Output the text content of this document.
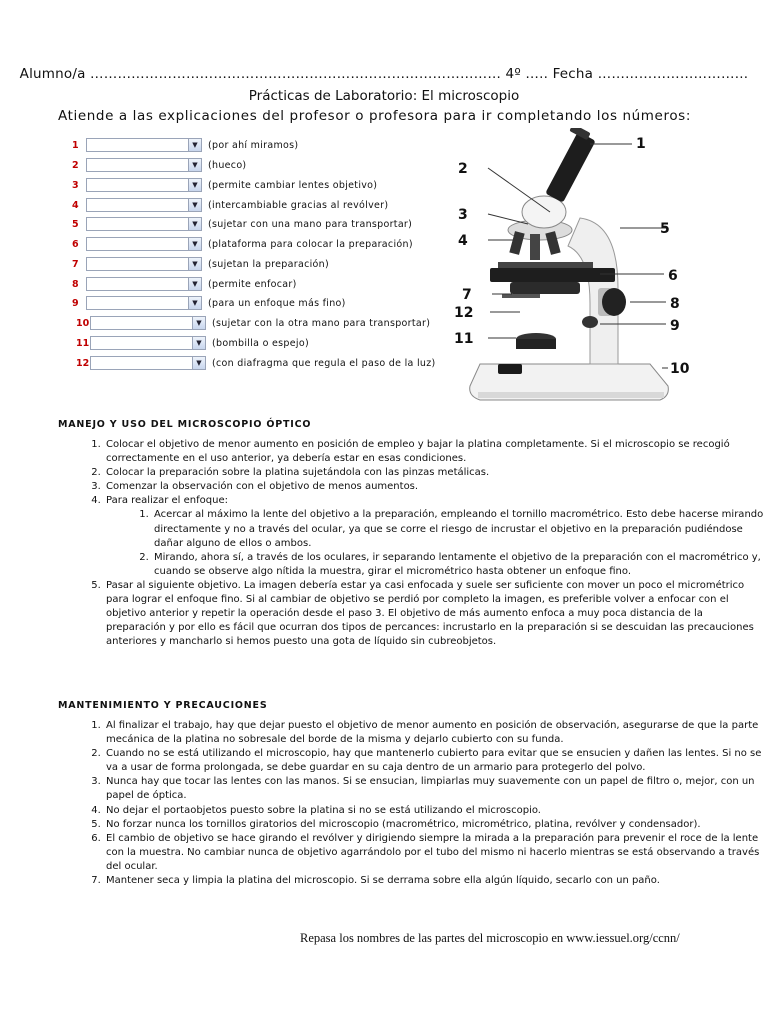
Alumno/a ……………………………………………………………………………… 4º ….. Fecha ……………………………
Prácticas de Laboratorio: El microscopio
Atiende a las explicaciones del profesor o profesora para ir completando los números:
1	▼	(por ahí miramos)
2	▼	(hueco)
3	▼	(permite cambiar lentes objetivo)
4	▼	(intercambiable gracias al revólver)
5	▼	(sujetar con una mano para transportar)
6	▼	(plataforma para colocar la preparación)
7	▼	(sujetan la preparación)
8	▼	(permite enfocar)
9	▼	(para un enfoque más fino)
10	▼	(sujetar con la otra mano para transportar)
11	▼	(bombilla o espejo)
12	▼	(con diafragma que regula el paso de la luz)
1
2
3
4
5
6
7
8
9
10
11
12
MANEJO Y USO DEL MICROSCOPIO ÓPTICO
1. Colocar el objetivo de menor aumento en posición de empleo y bajar la platina completamente. Si el microscopio se recogió correctamente en el uso anterior, ya debería estar en esas condiciones.
2. Colocar la preparación sobre la platina sujetándola con las pinzas metálicas.
3. Comenzar la observación con el objetivo de menos aumentos.
4. Para realizar el enfoque:
1. Acercar al máximo la lente del objetivo a la preparación, empleando el tornillo macrométrico. Esto debe hacerse mirando directamente y no a través del ocular, ya que se corre el riesgo de incrustar el objetivo en la preparación pudiéndose dañar alguno de ellos o ambos.
2. Mirando, ahora sí, a través de los oculares, ir separando lentamente el objetivo de la preparación con el macrométrico y, cuando se observe algo nítida la muestra, girar el micrométrico hasta obtener un enfoque fino.
5. Pasar al siguiente objetivo. La imagen debería estar ya casi enfocada y suele ser suficiente con mover un poco el micrométrico para lograr el enfoque fino. Si al cambiar de objetivo se perdió por completo la imagen, es preferible volver a enfocar con el objetivo anterior y repetir la operación desde el paso 3. El objetivo de más aumento enfoca a muy poca distancia de la preparación y por ello es fácil que ocurran dos tipos de percances: incrustarlo en la preparación si se descuidan las precauciones anteriores y mancharlo si hemos puesto una gota de líquido sin cubreobjetos.
MANTENIMIENTO Y PRECAUCIONES
1. Al finalizar el trabajo, hay que dejar puesto el objetivo de menor aumento en posición de observación, asegurarse de que la parte mecánica de la platina no sobresale del borde de la misma y dejarlo cubierto con su funda.
2. Cuando no se está utilizando el microscopio, hay que mantenerlo cubierto para evitar que se ensucien y dañen las lentes. Si no se va a usar de forma prolongada, se debe guardar en su caja dentro de un armario para protegerlo del polvo.
3. Nunca hay que tocar las lentes con las manos. Si se ensucian, limpiarlas muy suavemente con un papel de filtro o, mejor, con un papel de óptica.
4. No dejar el portaobjetos puesto sobre la platina si no se está utilizando el microscopio.
5. No forzar nunca los tornillos giratorios del microscopio (macrométrico, micrométrico, platina, revólver y condensador).
6. El cambio de objetivo se hace girando el revólver y dirigiendo siempre la mirada a la preparación para prevenir el roce de la lente con la muestra. No cambiar nunca de objetivo agarrándolo por el tubo del mismo ni hacerlo mientras se está observando a través del ocular.
7. Mantener seca y limpia la platina del microscopio. Si se derrama sobre ella algún líquido, secarlo con un paño.
Repasa los nombres de las partes del microscopio en www.iessuel.org/ccnn/
